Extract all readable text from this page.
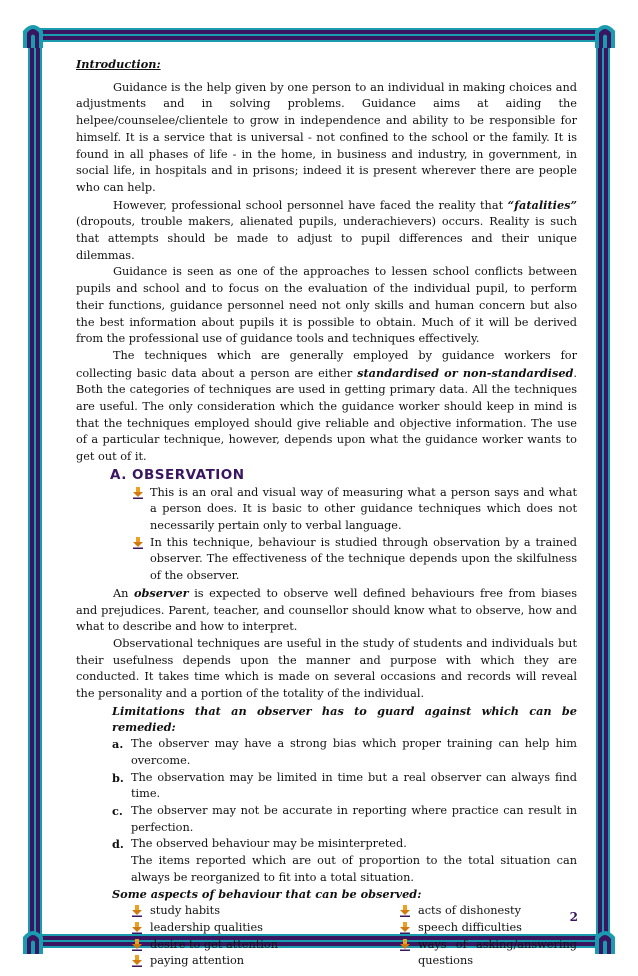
Introduction:

Guidance is the help given by one person to an individual in making choices and adjustments and in solving problems. Guidance aims at aiding the helpee/counselee/clientele to grow in independence and ability to be responsible for himself. It is a service that is universal - not confined to the school or the family. It is found in all phases of life - in the home, in business and industry, in government, in social life, in hospitals and in prisons; indeed it is present wherever there are people who can help.

However, professional school personnel have faced the reality that “fatalities” (dropouts, trouble makers, alienated pupils, underachievers) occurs. Reality is such that attempts should be made to adjust to pupil differences and their unique dilemmas.

Guidance is seen as one of the approaches to lessen school conflicts between pupils and school and to focus on the evaluation of the individual pupil, to perform their functions, guidance personnel need not only skills and human concern but also the best information about pupils it is possible to obtain. Much of it will be derived from the professional use of guidance tools and techniques effectively.

The techniques which are generally employed by guidance workers for collecting basic data about a person are either standardised or non-standardised. Both the categories of techniques are used in getting primary data. All the techniques are useful. The only consideration which the guidance worker should keep in mind is that the techniques employed should give reliable and objective information. The use of a particular technique, however, depends upon what the guidance worker wants to get out of it.

A. OBSERVATION

This is an oral and visual way of measuring what a person says and what a person does. It is basic to other guidance techniques which does not necessarily pertain only to verbal language.

In this technique, behaviour is studied through observation by a trained observer. The effectiveness of the technique depends upon the skilfulness of the observer.

An observer is expected to observe well defined behaviours free from biases and prejudices. Parent, teacher, and counsellor should know what to observe, how and what to describe and how to interpret.

Observational techniques are useful in the study of students and individuals but their usefulness depends upon the manner and purpose with which they are conducted. It takes time which is made on several occasions and records will reveal the personality and a portion of the totality of the individual.

Limitations that an observer has to guard against which can be remedied:

a. The observer may have a strong bias which proper training can help him overcome.

b. The observation may be limited in time but a real observer can always find time.

c. The observer may not be accurate in reporting where practice can result in perfection.

d. The observed behaviour may be misinterpreted.

The items reported which are out of proportion to the total situation can always be reorganized to fit into a total situation.

Some aspects of behaviour that can be observed:

study habits
leadership qualities
desire to get attention
paying attention
acts of dishonesty
speech difficulties
ways of asking/answering questions
2
